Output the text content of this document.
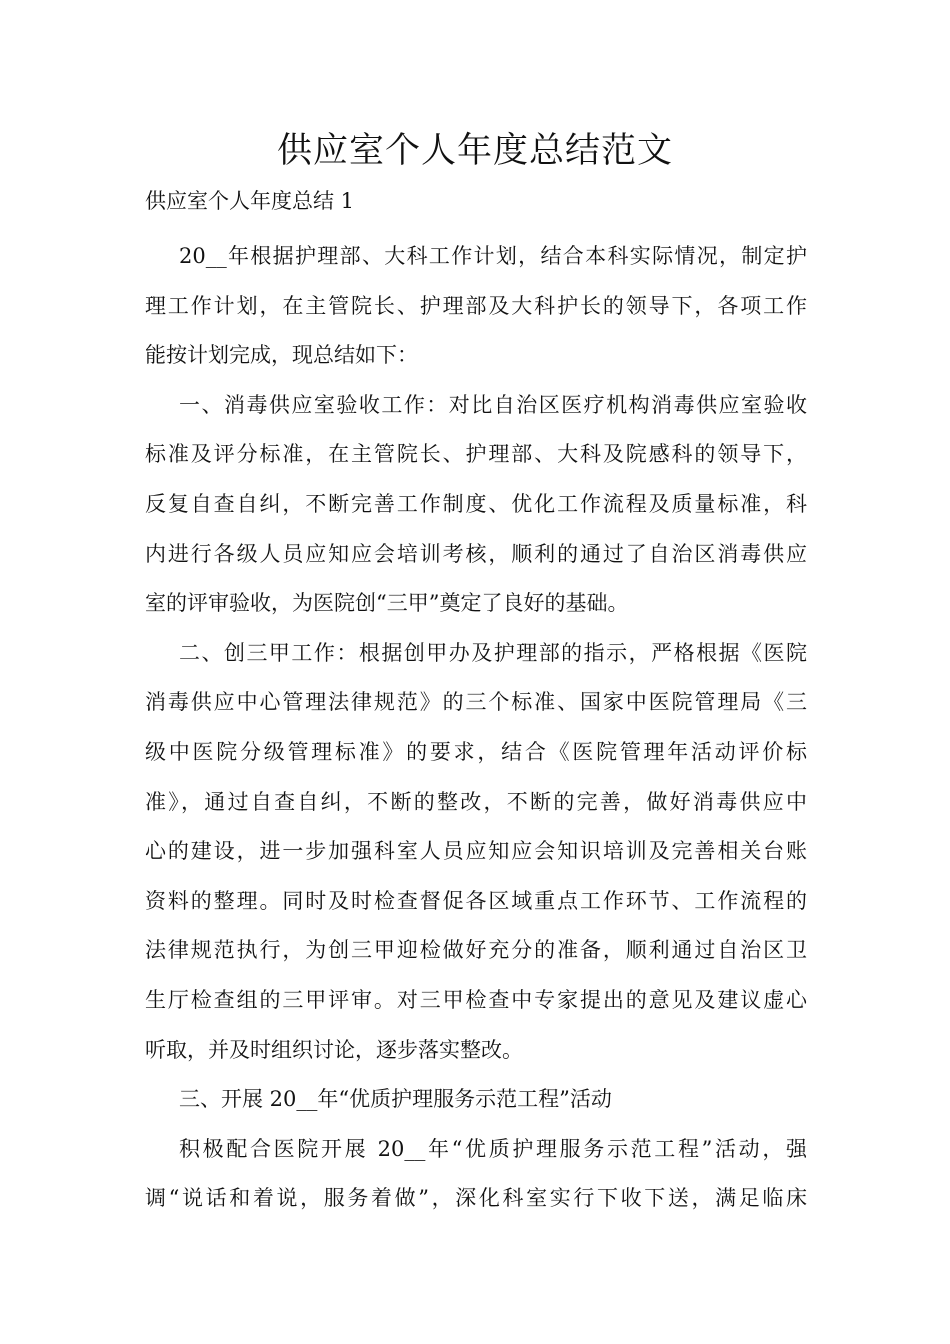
供应室个人年度总结范文

供应室个人年度总结 1

20__年根据护理部、大科工作计划，结合本科实际情况，制定护
理工作计划，在主管院长、护理部及大科护长的领导下，各项工作
能按计划完成，现总结如下：
一、消毒供应室验收工作：对比自治区医疗机构消毒供应室验收
标准及评分标准，在主管院长、护理部、大科及院感科的领导下，
反复自查自纠，不断完善工作制度、优化工作流程及质量标准，科
内进行各级人员应知应会培训考核，顺利的通过了自治区消毒供应
室的评审验收，为医院创“三甲”奠定了良好的基础。
二、创三甲工作：根据创甲办及护理部的指示，严格根据《医院
消毒供应中心管理法律规范》的三个标准、国家中医院管理局《三
级中医院分级管理标准》的要求，结合《医院管理年活动评价标
准》，通过自查自纠，不断的整改，不断的完善，做好消毒供应中
心的建设，进一步加强科室人员应知应会知识培训及完善相关台账
资料的整理。同时及时检查督促各区域重点工作环节、工作流程的
法律规范执行，为创三甲迎检做好充分的准备，顺利通过自治区卫
生厅检查组的三甲评审。对三甲检查中专家提出的意见及建议虚心
听取，并及时组织讨论，逐步落实整改。
三、开展 20__年“优质护理服务示范工程”活动
积极配合医院开展 20__年“优质护理服务示范工程”活动，强
调“说话和着说，服务着做”，深化科室实行下收下送，满足临床
